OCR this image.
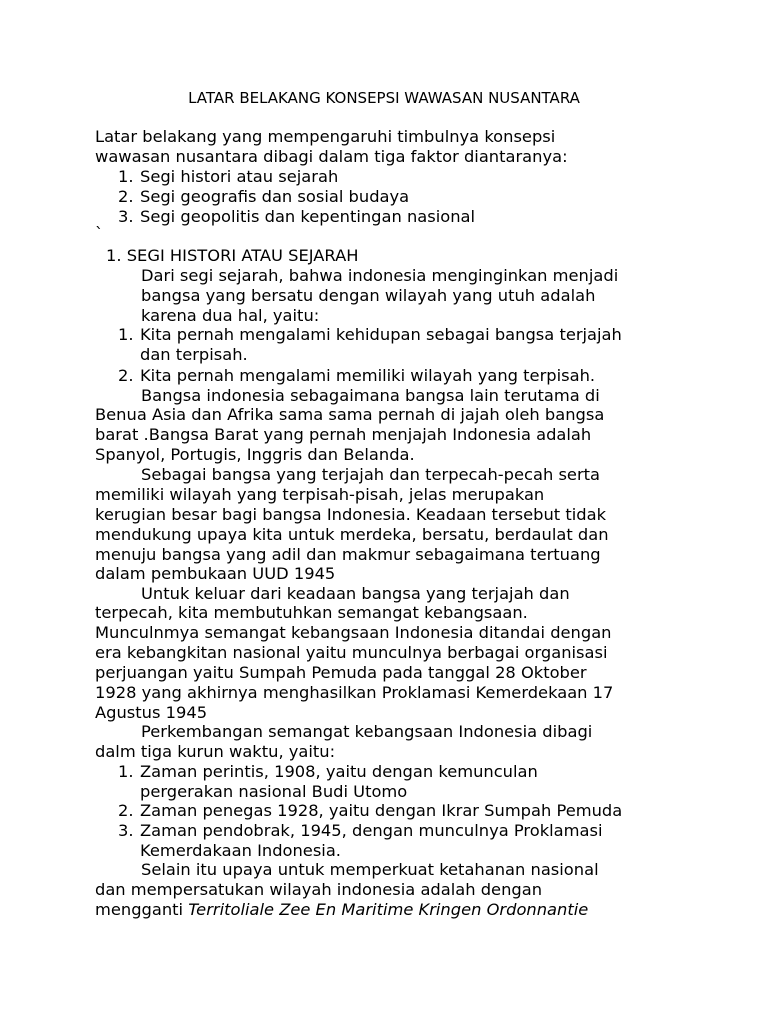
LATAR BELAKANG KONSEPSI WAWASAN NUSANTARA
Latar belakang yang mempengaruhi timbulnya konsepsi
wawasan nusantara dibagi dalam tiga faktor diantaranya:
1. Segi histori atau sejarah
2. Segi geografis dan sosial budaya
3. Segi geopolitis dan kepentingan nasional
`
1. SEGI HISTORI ATAU SEJARAH
Dari segi sejarah, bahwa indonesia menginginkan menjadi
bangsa yang bersatu dengan wilayah yang utuh adalah
karena dua hal, yaitu:
1. Kita pernah mengalami kehidupan sebagai bangsa terjajah
dan terpisah.
2. Kita pernah mengalami memiliki wilayah yang terpisah.
Bangsa indonesia sebagaimana bangsa lain terutama di
Benua Asia dan Afrika sama sama pernah di jajah oleh bangsa
barat .Bangsa Barat yang pernah menjajah Indonesia adalah
Spanyol, Portugis, Inggris dan Belanda.
Sebagai bangsa yang terjajah dan terpecah-pecah serta
memiliki wilayah yang terpisah-pisah, jelas merupakan
kerugian besar bagi bangsa Indonesia. Keadaan tersebut tidak
mendukung upaya kita untuk merdeka, bersatu, berdaulat dan
menuju bangsa yang adil dan makmur sebagaimana tertuang
dalam pembukaan UUD 1945
Untuk keluar dari keadaan bangsa yang terjajah dan
terpecah, kita membutuhkan semangat kebangsaan.
Munculnmya semangat kebangsaan Indonesia ditandai dengan
era kebangkitan nasional yaitu munculnya berbagai organisasi
perjuangan yaitu Sumpah Pemuda pada tanggal 28 Oktober
1928 yang akhirnya menghasilkan Proklamasi Kemerdekaan 17
Agustus 1945
Perkembangan semangat kebangsaan Indonesia dibagi
dalm tiga kurun waktu, yaitu:
1. Zaman perintis, 1908, yaitu dengan kemunculan
pergerakan nasional Budi Utomo
2. Zaman penegas 1928, yaitu dengan Ikrar Sumpah Pemuda
3. Zaman pendobrak, 1945, dengan munculnya Proklamasi
Kemerdakaan Indonesia.
Selain itu upaya untuk memperkuat ketahanan nasional
dan mempersatukan wilayah indonesia adalah dengan
mengganti Territoliale Zee En Maritime Kringen Ordonnantie
